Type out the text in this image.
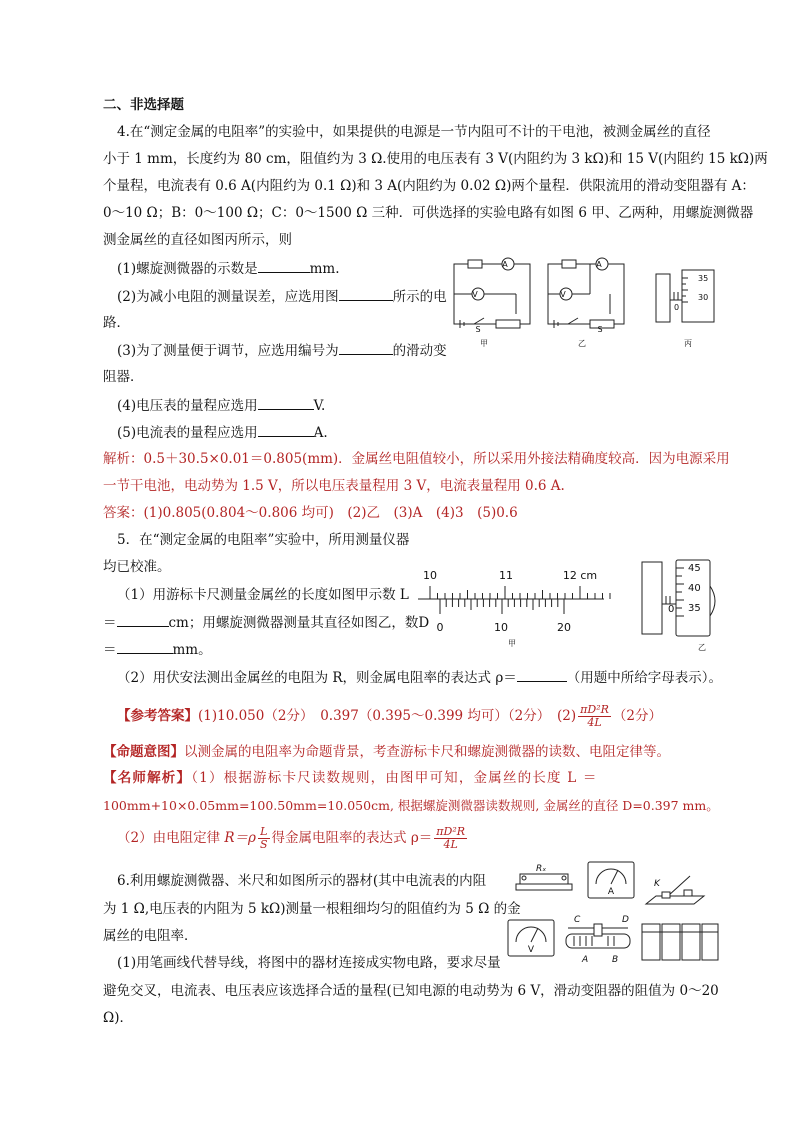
二、非选择题
4.在“测定金属的电阻率”的实验中，如果提供的电源是一节内阻可不计的干电池，被测金属丝的直径
小于 1 mm，长度约为 80 cm，阻值约为 3 Ω.使用的电压表有 3 V(内阻约为 3 kΩ)和 15 V(内阻约 15 kΩ)两
个量程，电流表有 0.6 A(内阻约为 0.1 Ω)和 3 A(内阻约为 0.02 Ω)两个量程．供限流用的滑动变阻器有 A：
0～10 Ω；B：0～100 Ω；C：0～1500 Ω 三种．可供选择的实验电路有如图 6 甲、乙两种，用螺旋测微器
测金属丝的直径如图丙所示，则
(1)螺旋测微器的示数是	mm.
(2)为减小电阻的测量误差，应选用图	所示的电
路．
(3)为了测量便于调节，应选用编号为	的滑动变
阻器．
(4)电压表的量程应选用	V.
(5)电流表的量程应选用	A.
A
V
A
V
S	S
甲	乙	丙
35
30
0
解析：0.5＋30.5×0.01＝0.805(mm)．金属丝电阻值较小，所以采用外接法精确度较高．因为电源采用
一节干电池，电动势为 1.5 V，所以电压表量程用 3 V，电流表量程用 0.6 A.
答案：(1)0.805(0.804～0.806 均可)　(2)乙　(3)A　(4)3　(5)0.6
5．在“测定金属的电阻率”实验中，所用测量仪器
均已校准。
（1）用游标卡尺测量金属丝的长度如图甲示数 L
＝	cm；用螺旋测微器测量其直径如图乙，数D
＝	mm。
10	11	12 cm
0	10	20
甲
45
40
35
0
乙
（2）用伏安法测出金属丝的电阻为 R，则金属电阻率的表达式 ρ＝	（用题中所给字母表示）。
【参考答案】(1)10.050（2分）　0.397（0.395～0.399 均可）（2分）　$(2) \frac{\text{πD²R}}{4L} (2$分）
【命题意图】以测金属的电阻率为命题背景，考查游标卡尺和螺旋测微器的读数、电阻定律等。
【名师解析】（1）根据游标卡尺读数规则，由图甲可知，金属丝的长度 L ＝
100mm+10×0.05mm=100.50mm=10.050cm, 根据螺旋测微器读数规则, 金属丝的直径 D=0.397 mm。
（2）由电阻定律 $R=\rho \frac{L}{S}$ 得金属电阻率的表达式 $\rho= \frac{\text{πD²R}}{4L}$
6.利用螺旋测微器、米尺和如图所示的器材(其中电流表的内阻
为 1 Ω,电压表的内阻为 5 kΩ)测量一根粗细均匀的阻值约为 5 Ω 的金
属丝的电阻率．
(1)用笔画线代替导线，将图中的器材连接成实物电路，要求尽量
避免交叉，电流表、电压表应该选择合适的量程(已知电源的电动势为 6 V，滑动变阻器的阻值为 0～20
Ω)．
Rₓ
A
K
V
C	D
A	B
